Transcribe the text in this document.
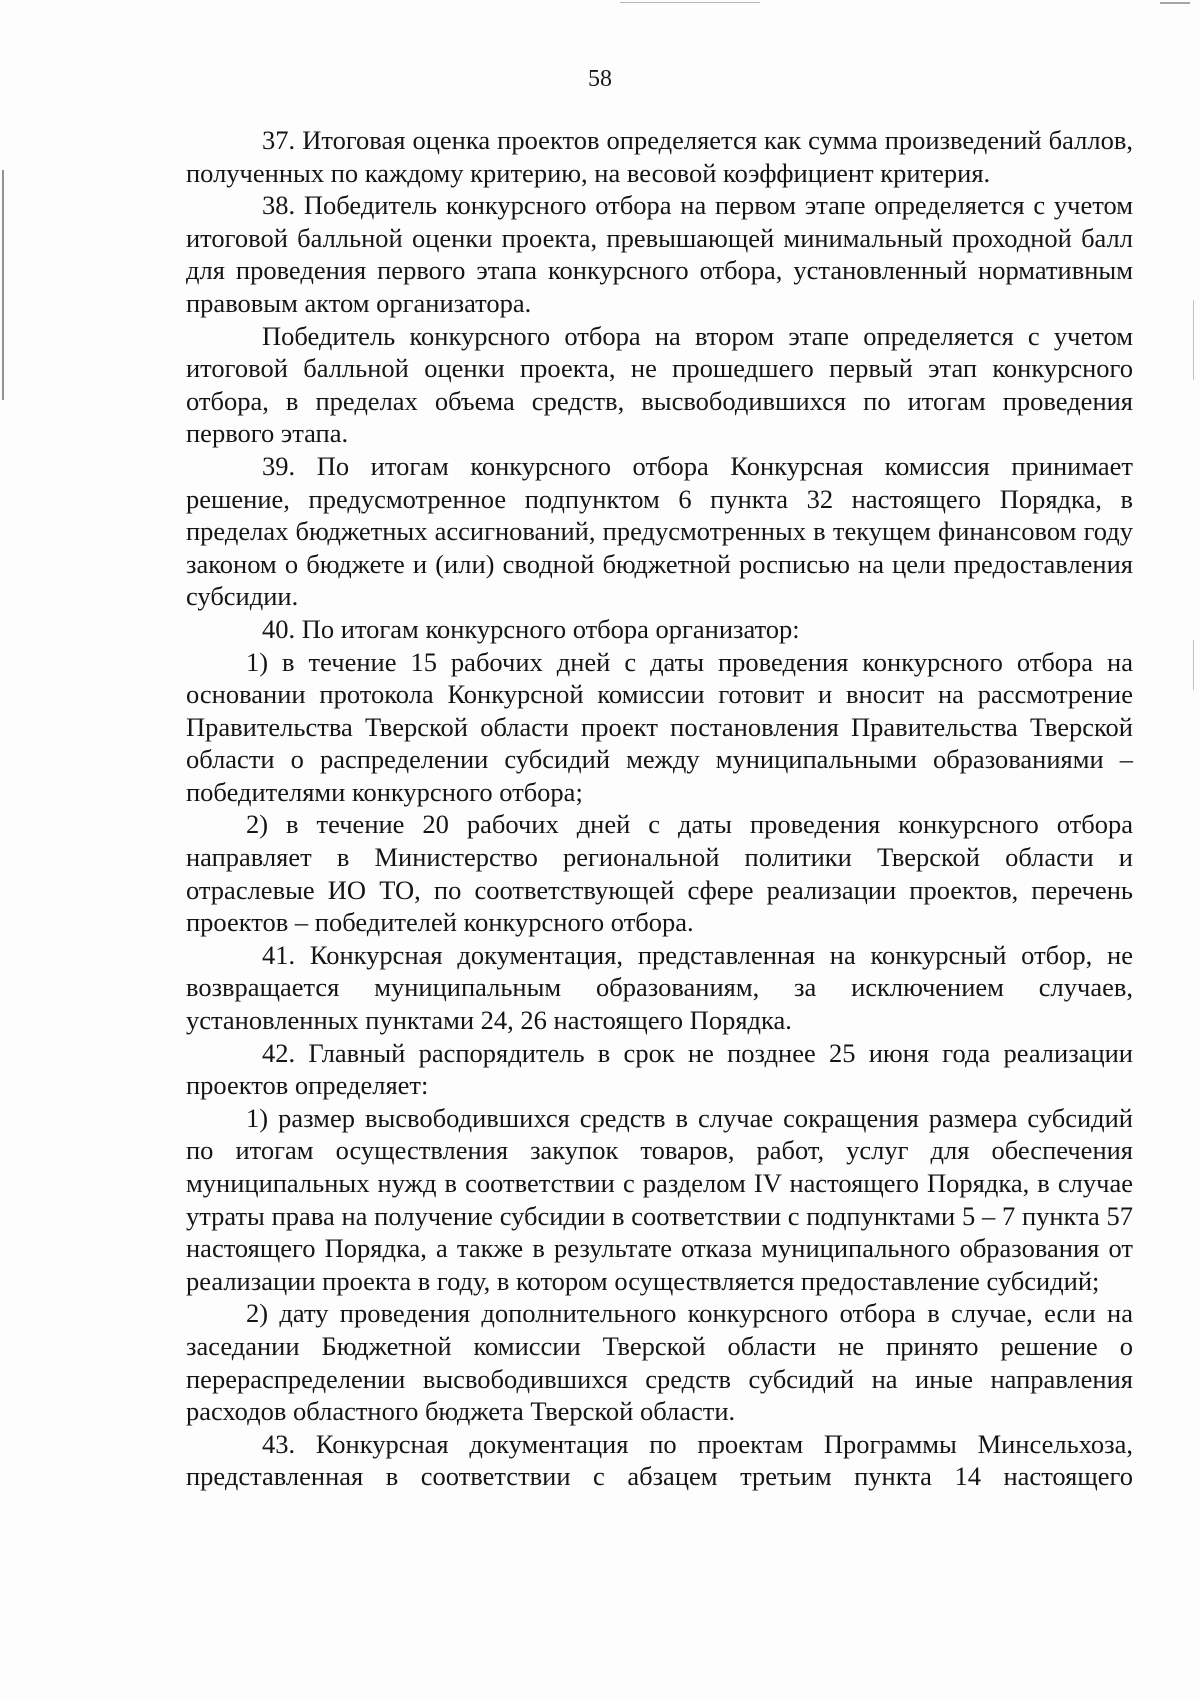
58

37. Итоговая оценка проектов определяется как сумма произведений баллов, полученных по каждому критерию, на весовой коэффициент критерия.

38. Победитель конкурсного отбора на первом этапе определяется с учетом итоговой балльной оценки проекта, превышающей минимальный проходной балл для проведения первого этапа конкурсного отбора, установленный нормативным правовым актом организатора.

Победитель конкурсного отбора на втором этапе определяется с учетом итоговой балльной оценки проекта, не прошедшего первый этап конкурсного отбора, в пределах объема средств, высвободившихся по итогам проведения первого этапа.

39. По итогам конкурсного отбора Конкурсная комиссия принимает решение, предусмотренное подпунктом 6 пункта 32 настоящего Порядка, в пределах бюджетных ассигнований, предусмотренных в текущем финансовом году законом о бюджете и (или) сводной бюджетной росписью на цели предоставления субсидии.

40. По итогам конкурсного отбора организатор:

1) в течение 15 рабочих дней с даты проведения конкурсного отбора на основании протокола Конкурсной комиссии готовит и вносит на рассмотрение Правительства Тверской области проект постановления Правительства Тверской области о распределении субсидий между муниципальными образованиями – победителями конкурсного отбора;

2) в течение 20 рабочих дней с даты проведения конкурсного отбора направляет в Министерство региональной политики Тверской области и отраслевые ИО ТО, по соответствующей сфере реализации проектов, перечень проектов – победителей конкурсного отбора.

41. Конкурсная документация, представленная на конкурсный отбор, не возвращается муниципальным образованиям, за исключением случаев, установленных пунктами 24, 26 настоящего Порядка.

42. Главный распорядитель в срок не позднее 25 июня года реализации проектов определяет:

1) размер высвободившихся средств в случае сокращения размера субсидий по итогам осуществления закупок товаров, работ, услуг для обеспечения муниципальных нужд в соответствии с разделом IV настоящего Порядка, в случае утраты права на получение субсидии в соответствии с подпунктами 5 – 7 пункта 57 настоящего Порядка, а также в результате отказа муниципального образования от реализации проекта в году, в котором осуществляется предоставление субсидий;

2) дату проведения дополнительного конкурсного отбора в случае, если на заседании Бюджетной комиссии Тверской области не принято решение о перераспределении высвободившихся средств субсидий на иные направления расходов областного бюджета Тверской области.

43. Конкурсная документация по проектам Программы Минсельхоза, представленная в соответствии с абзацем третьим пункта 14 настоящего
